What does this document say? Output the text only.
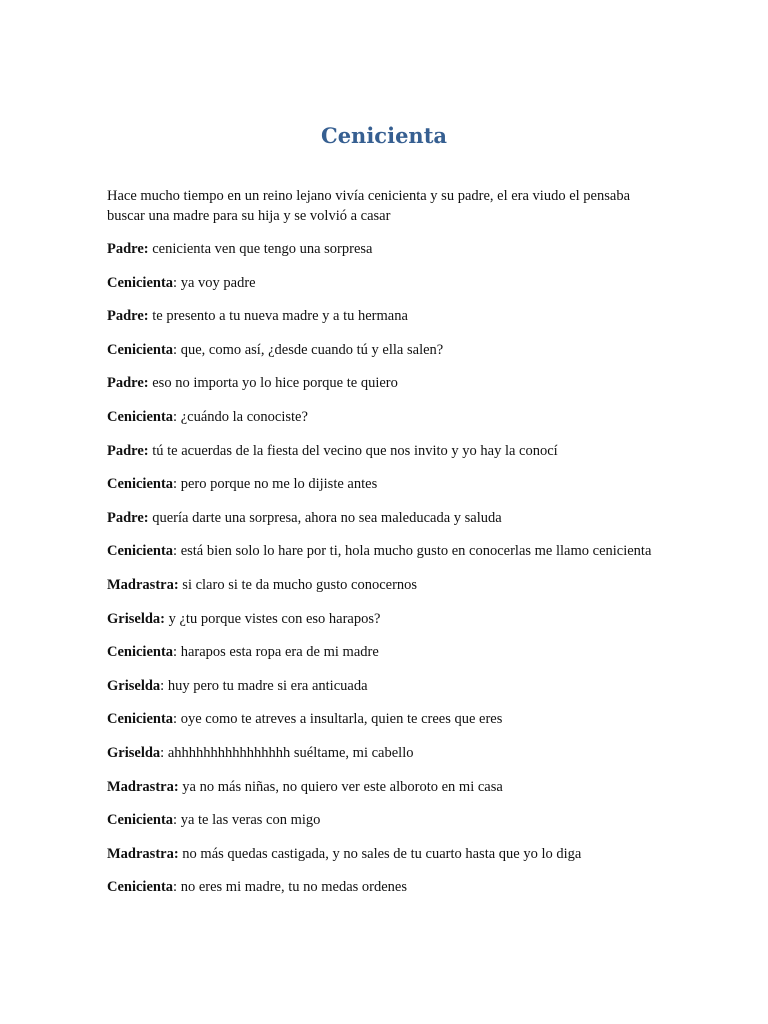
Cenicienta

Hace mucho tiempo en un reino lejano vivía cenicienta y su padre, el era viudo el pensaba buscar una madre para su hija y se volvió a casar

Padre: cenicienta ven que tengo una sorpresa

Cenicienta: ya voy padre

Padre: te presento a tu nueva madre y a tu hermana

Cenicienta: que, como así, ¿desde cuando tú y ella salen?

Padre: eso no importa yo lo hice porque te quiero

Cenicienta: ¿cuándo la conociste?

Padre: tú te acuerdas de la fiesta del vecino que nos invito y yo hay la conocí

Cenicienta: pero porque no me lo dijiste antes

Padre: quería darte una sorpresa, ahora no sea maleducada y saluda

Cenicienta: está bien solo lo hare por ti, hola mucho gusto en conocerlas me llamo cenicienta

Madrastra: si claro si te da mucho gusto conocernos

Griselda: y ¿tu porque vistes con eso harapos?

Cenicienta: harapos esta ropa era de mi madre

Griselda: huy pero tu madre si era anticuada

Cenicienta: oye como te atreves a insultarla, quien te crees que eres

Griselda: ahhhhhhhhhhhhhhhh suéltame, mi cabello

Madrastra: ya no más niñas, no quiero ver este alboroto en mi casa

Cenicienta: ya te las veras con migo

Madrastra: no más quedas castigada, y no sales de tu cuarto hasta que yo lo diga

Cenicienta: no eres mi madre, tu no medas ordenes
